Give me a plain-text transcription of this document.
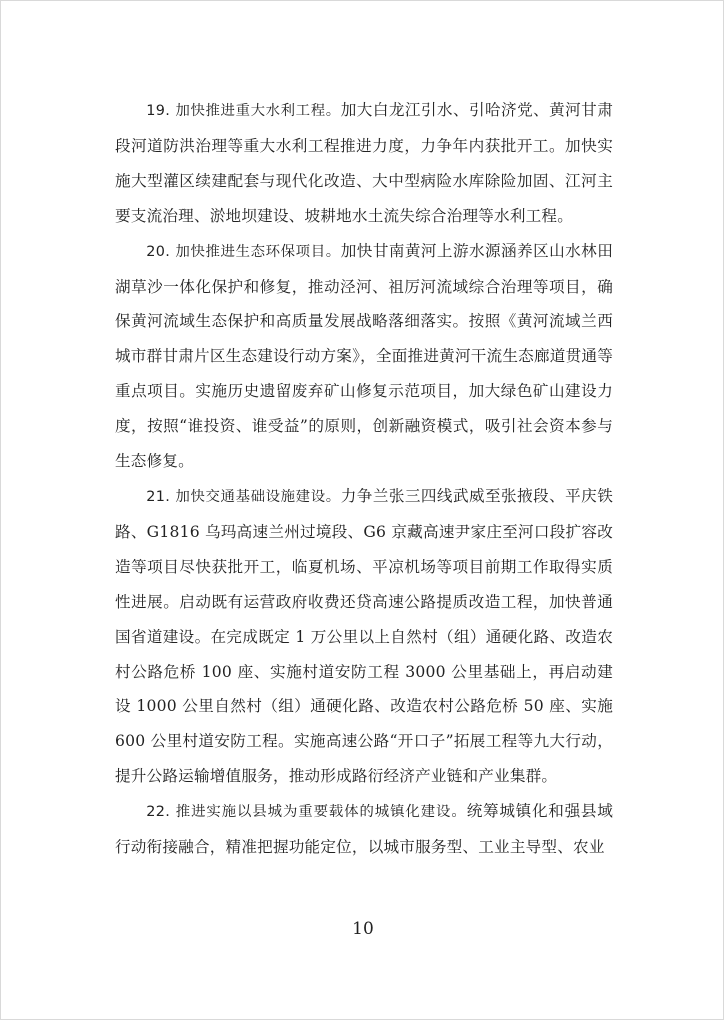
19. 加快推进重大水利工程。加大白龙江引水、引哈济党、黄河甘肃段河道防洪治理等重大水利工程推进力度，力争年内获批开工。加快实施大型灌区续建配套与现代化改造、大中型病险水库除险加固、江河主要支流治理、淤地坝建设、坡耕地水土流失综合治理等水利工程。

20. 加快推进生态环保项目。加快甘南黄河上游水源涵养区山水林田湖草沙一体化保护和修复，推动泾河、祖厉河流域综合治理等项目，确保黄河流域生态保护和高质量发展战略落细落实。按照《黄河流域兰西城市群甘肃片区生态建设行动方案》，全面推进黄河干流生态廊道贯通等重点项目。实施历史遗留废弃矿山修复示范项目，加大绿色矿山建设力度，按照“谁投资、谁受益”的原则，创新融资模式，吸引社会资本参与生态修复。

21. 加快交通基础设施建设。力争兰张三四线武威至张掖段、平庆铁路、G1816 乌玛高速兰州过境段、G6 京藏高速尹家庄至河口段扩容改造等项目尽快获批开工，临夏机场、平凉机场等项目前期工作取得实质性进展。启动既有运营政府收费还贷高速公路提质改造工程，加快普通国省道建设。在完成既定 1 万公里以上自然村（组）通硬化路、改造农村公路危桥 100 座、实施村道安防工程 3000 公里基础上，再启动建设 1000 公里自然村（组）通硬化路、改造农村公路危桥 50 座、实施 600 公里村道安防工程。实施高速公路“开口子”拓展工程等九大行动，提升公路运输增值服务，推动形成路衍经济产业链和产业集群。

22. 推进实施以县城为重要载体的城镇化建设。统筹城镇化和强县域行动衔接融合，精准把握功能定位，以城市服务型、工业主导型、农业

10
